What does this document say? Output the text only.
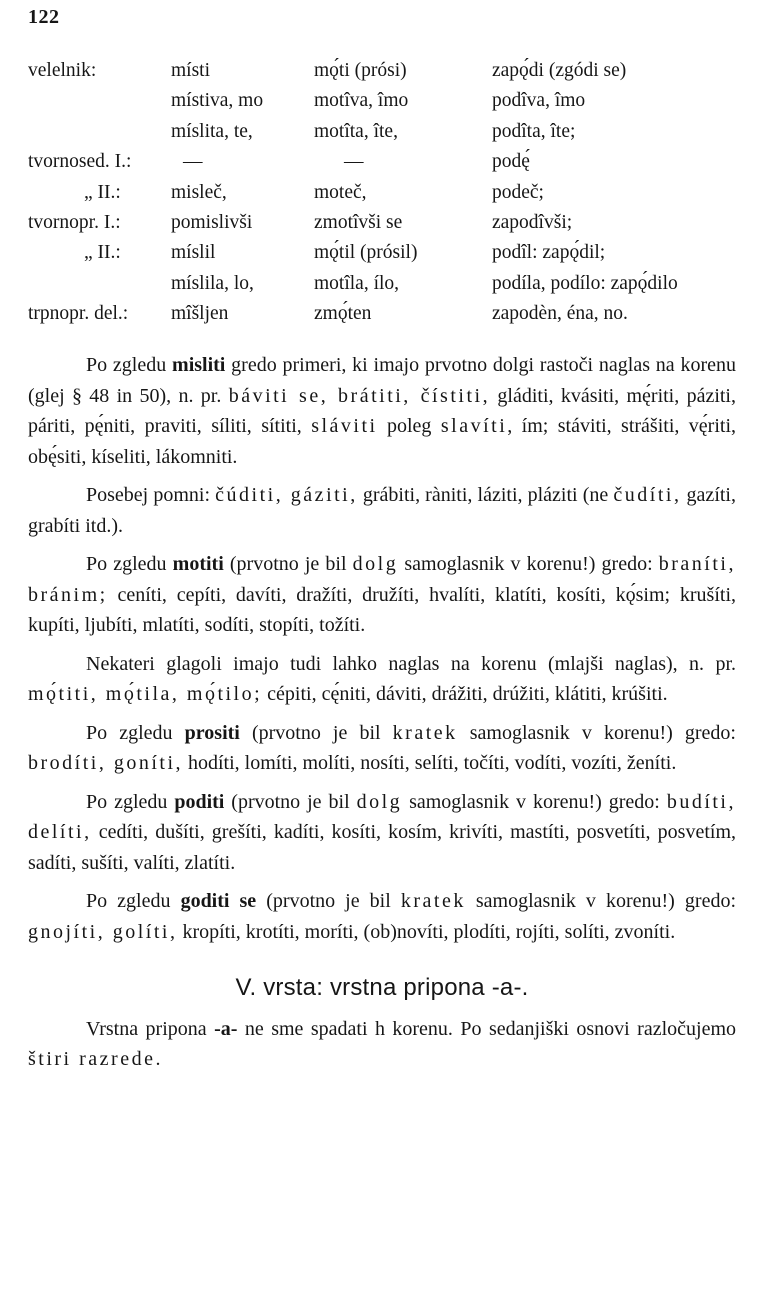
122
velelnik:	místi	mǫ́ti (prósi)	zapǫ́di (zgódi se)
	místiva, mo	motîva, îmo	podîva, îmo
	míslita, te,	motîta, îte,	podîta, îte;
tvornosed. I.:	—	—	podę́
„ II.:	misleč,	moteč,	podeč;
tvornopr. I.:	pomislivši	zmotîvši se	zapodîvši;
„ II.:	míslil	mǫ́til (prósil)	podîl: zapǫ́dil;
	míslila, lo,	motîla, ílo,	podíla, podílo: zapǫ́dilo
trpnopr. del.:	mîšljen	zmǫ́ten	zapodèn, éna, no.

Po zgledu misliti gredo primeri, ki imajo prvotno dolgi rastoči naglas na korenu (glej § 48 in 50), n. pr. báviti se, brátiti, čístiti, gláditi, kvásiti, mę́riti, páziti, páriti, pę́niti, praviti, síliti, sítiti, sláviti poleg slavíti, ím; stáviti, strášiti, vę́riti, obę́siti, kíseliti, lákomniti.

Posebej pomni: čúditi, gáziti, grábiti, ràniti, láziti, pláziti (ne čudíti, gazíti, grabíti itd.).

Po zgledu motiti (prvotno je bil dolg samoglasnik v korenu!) gredo: braníti, bránim; ceníti, cepíti, davíti, dražíti, družíti, hvalíti, klatíti, kosíti, kǫ́sim; krušíti, kupíti, ljubíti, mlatíti, sodíti, stopíti, tožíti.

Nekateri glagoli imajo tudi lahko naglas na korenu (mlajši naglas), n. pr. mǫ́titi, mǫ́tila, mǫ́tilo; cépiti, cę́niti, dáviti, drážiti, drúžiti, klátiti, krúšiti.

Po zgledu prositi (prvotno je bil kratek samoglasnik v korenu!) gredo: brodíti, goníti, hodíti, lomíti, molíti, nosíti, selíti, točíti, vodíti, vozíti, ženíti.

Po zgledu poditi (prvotno je bil dolg samoglasnik v korenu!) gredo: budíti, delíti, cedíti, dušíti, grešíti, kadíti, kosíti, kosím, krivíti, mastíti, posvetíti, posvetím, sadíti, sušíti, valíti, zlatíti.

Po zgledu goditi se (prvotno je bil kratek samoglasnik v korenu!) gredo: gnojíti, golíti, kropíti, krotíti, moríti, (ob)novíti, plodíti, rojíti, solíti, zvoníti.

V. vrsta: vrstna pripona -a-.

Vrstna pripona -a- ne sme spadati h korenu. Po sedanjiški osnovi razločujemo štiri razrede.
